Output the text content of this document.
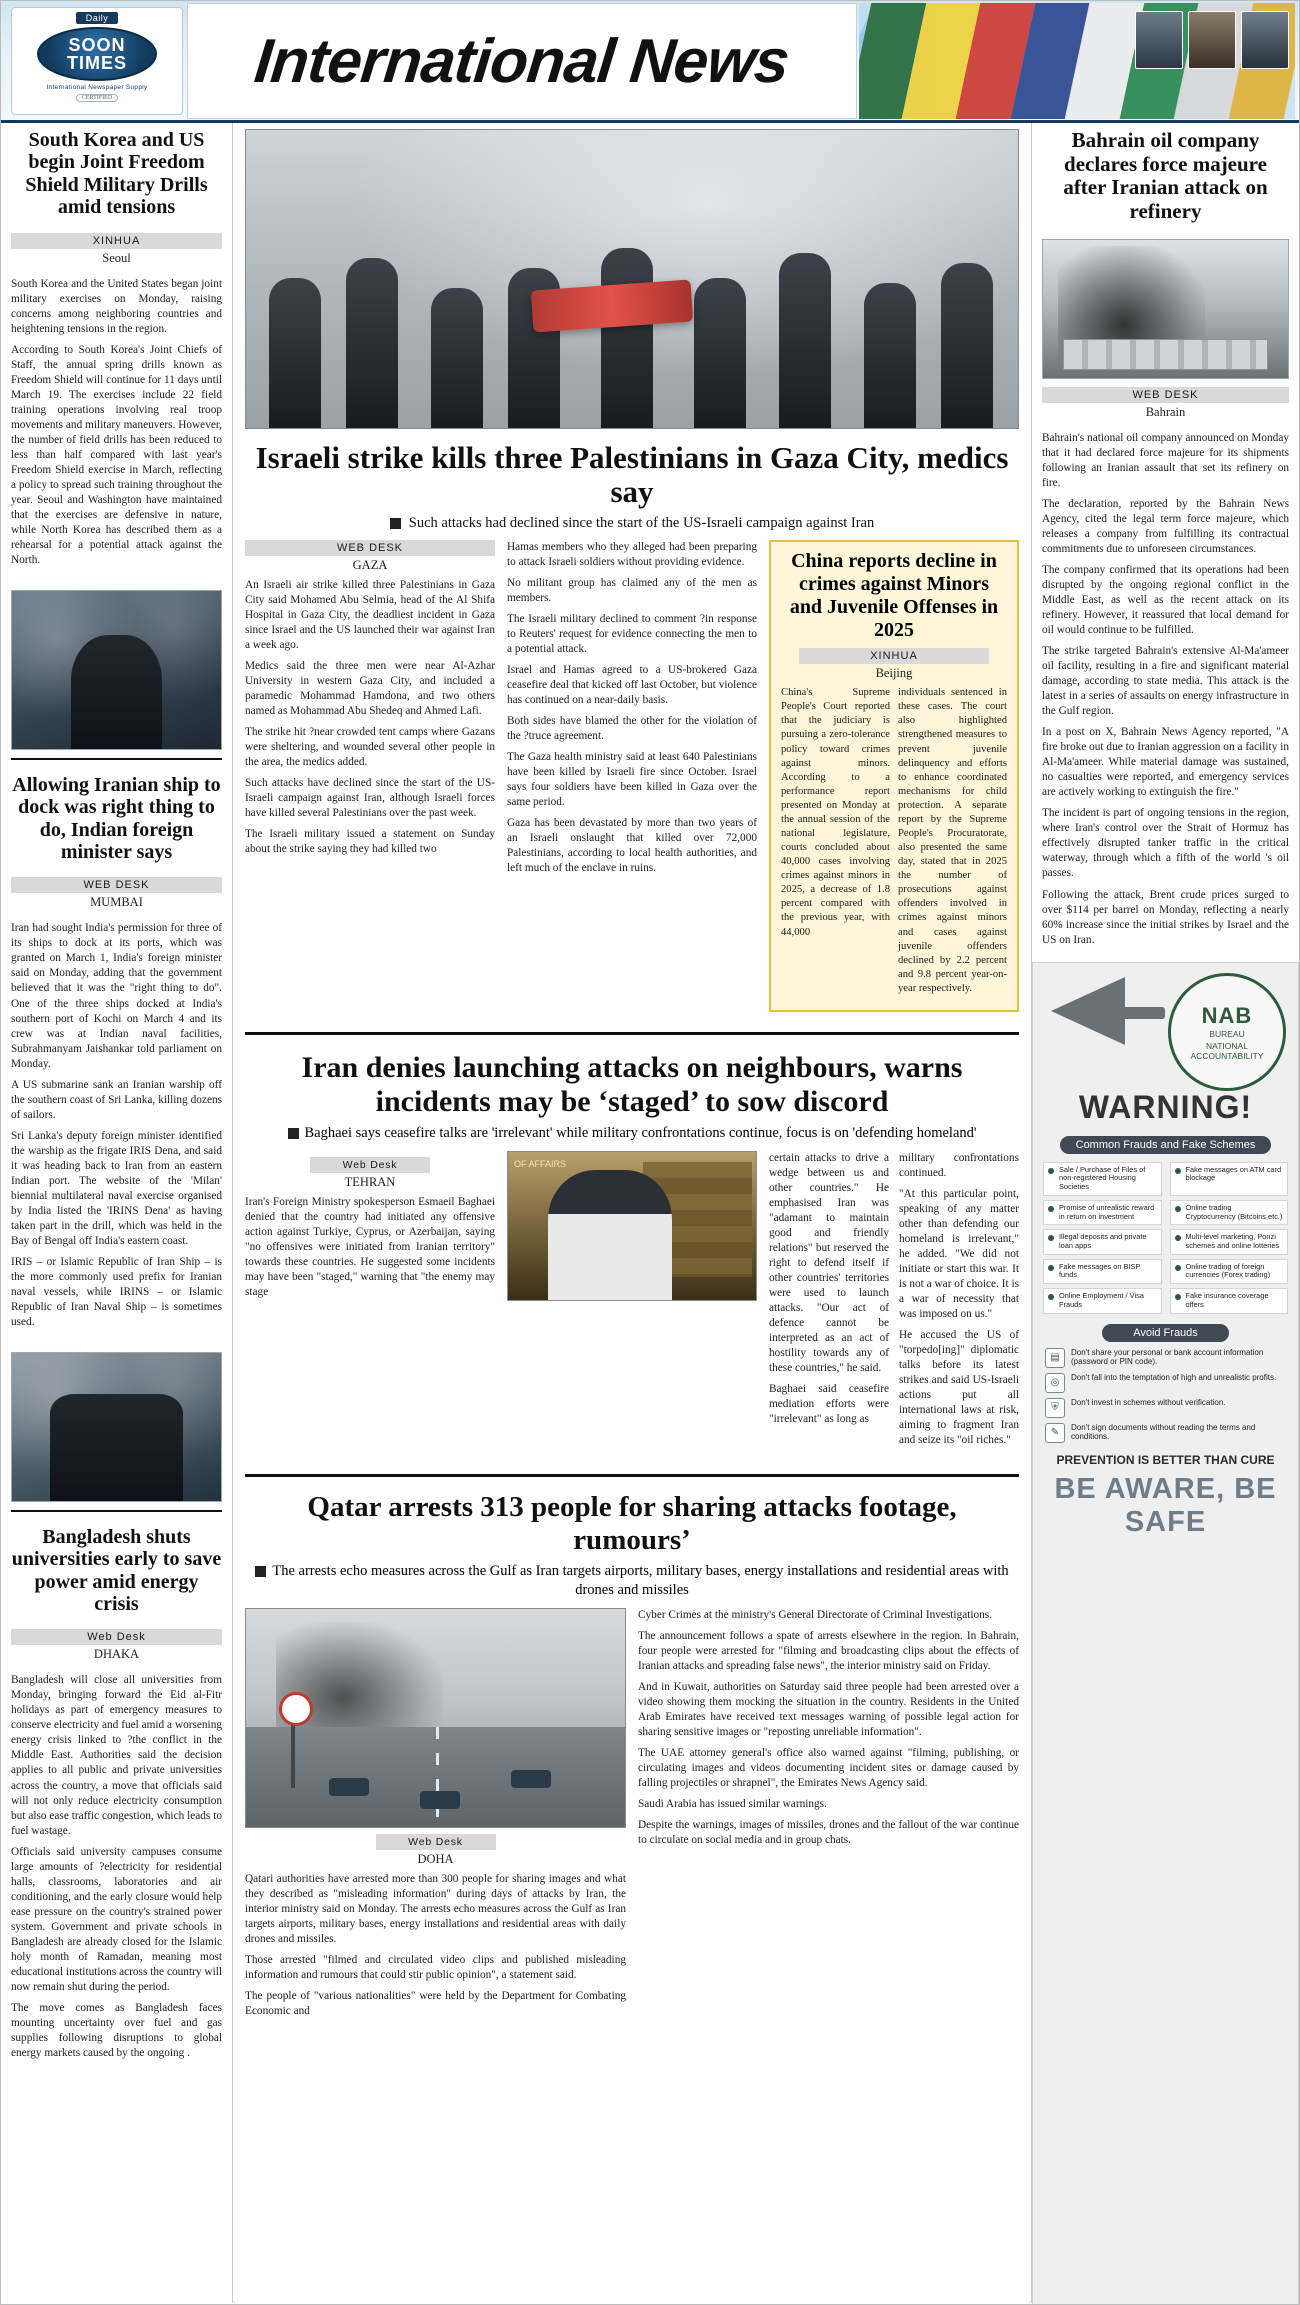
Daily
SOON
TIMES
International Newspaper Supply
CERTIFIED
International News
South Korea and US begin Joint Freedom Shield Military Drills amid tensions
XINHUA
Seoul

South Korea and the United States began joint military exercises on Monday, raising concerns among neighboring countries and heightening tensions in the region.

According to South Korea's Joint Chiefs of Staff, the annual spring drills known as Freedom Shield will continue for 11 days until March 19. The exercises include 22 field training operations involving real troop movements and military maneuvers. However, the number of field drills has been reduced to less than half compared with last year's Freedom Shield exercise in March, reflecting a policy to spread such training throughout the year. Seoul and Washington have maintained that the exercises are defensive in nature, while North Korea has described them as a rehearsal for a potential attack against the North.

Allowing Iranian ship to dock was right thing to do, Indian foreign minister says
WEB DESK
MUMBAI

Iran had sought India's permission for three of its ships to dock at its ports, which was granted on March 1, India's foreign minister said on Monday, adding that the government believed that it was the "right thing to do". One of the three ships docked at India's southern port of Kochi on March 4 and its crew was at Indian naval facilities, Subrahmanyam Jaishankar told parliament on Monday.

A US submarine sank an Iranian warship off the southern coast of Sri Lanka, killing dozens of sailors.

Sri Lanka's deputy foreign minister identified the warship as the frigate IRIS Dena, and said it was heading back to Iran from an eastern Indian port. The website of the 'Milan' biennial multilateral naval exercise organised by India listed the 'IRINS Dena' as having taken part in the drill, which was held in the Bay of Bengal off India's eastern coast.

IRIS – or Islamic Republic of Iran Ship – is the more commonly used prefix for Iranian naval vessels, while IRINS – or Islamic Republic of Iran Naval Ship – is sometimes used.

Bangladesh shuts universities early to save power amid energy crisis
Web Desk
DHAKA

Bangladesh will close all universities from Monday, bringing forward the Eid al-Fitr holidays as part of emergency measures to conserve electricity and fuel amid a worsening energy crisis linked to ?the conflict in the Middle East. Authorities said the decision applies to all public and private universities across the country, a move that officials said will not only reduce electricity consumption but also ease traffic congestion, which leads to fuel wastage.

Officials said university campuses consume large amounts of ?electricity for residential halls, classrooms, laboratories and air conditioning, and the early closure would help ease pressure on the country's strained power system. Government and private schools in Bangladesh are already closed for the Islamic holy month of Ramadan, meaning most educational institutions across the country will now remain shut during the period.

The move comes as Bangladesh faces mounting uncertainty over fuel and gas supplies following disruptions to global energy markets caused by the ongoing .

Israeli strike kills three Palestinians in Gaza City, medics say
Such attacks had declined since the start of the US-Israeli campaign against Iran
WEB DESK
GAZA

An Israeli air strike killed three Palestinians in Gaza City said Mohamed Abu Selmia, head of the Al Shifa Hospital in Gaza City, the deadliest incident in Gaza since Israel and the US launched their war against Iran a week ago.

Medics said the three men were near Al-Azhar University in western Gaza City, and included a paramedic Mohammad Hamdona, and two others named as Mohammad Abu Shedeq and Ahmed Lafi.

The strike hit ?near crowded tent camps where Gazans were sheltering, and wounded several other people in the area, the medics added.

Such attacks have declined since the start of the US-Israeli campaign against Iran, although Israeli forces have killed several Palestinians over the past week.

The Israeli military issued a statement on Sunday about the strike saying they had killed two

Hamas members who they alleged had been preparing to attack Israeli soldiers without providing evidence.

No militant group has claimed any of the men as members.

The Israeli military declined to comment ?in response to Reuters' request for evidence connecting the men to a potential attack.

Israel and Hamas agreed to a US-brokered Gaza ceasefire deal that kicked off last October, but violence has continued on a near-daily basis.

Both sides have blamed the other for the violation of the ?truce agreement.

The Gaza health ministry said at least 640 Palestinians have been killed by Israeli fire since October. Israel says four soldiers have been killed in Gaza over the same period.

Gaza has been devastated by more than two years of an Israeli onslaught that killed over 72,000 Palestinians, according to local health authorities, and left much of the enclave in ruins.

China reports decline in crimes against Minors and Juvenile Offenses in 2025
XINHUA
Beijing

China's Supreme People's Court reported that the judiciary is pursuing a zero-tolerance policy toward crimes against minors. According to a performance report presented on Monday at the annual session of the national legislature, courts concluded about 40,000 cases involving crimes against minors in 2025, a decrease of 1.8 percent compared with the previous year, with 44,000

individuals sentenced in these cases. The court also highlighted strengthened measures to prevent juvenile delinquency and efforts to enhance coordinated mechanisms for child protection. A separate report by the Supreme People's Procuratorate, also presented the same day, stated that in 2025 the number of prosecutions against offenders involved in crimes against minors and cases against juvenile offenders declined by 2.2 percent and 9.8 percent year-on-year respectively.

Iran denies launching attacks on neighbours, warns incidents may be ‘staged’ to sow discord
Baghaei says ceasefire talks are 'irrelevant' while military confrontations continue, focus is on 'defending homeland'
Web Desk
TEHRAN

Iran's Foreign Ministry spokesperson Esmaeil Baghaei denied that the country had initiated any offensive action against Turkiye, Cyprus, or Azerbaijan, saying "no offensives were initiated from Iranian territory" towards these countries. He suggested some incidents may have been "staged," warning that "the enemy may stage

OF AFFAIRS	certain attacks to drive a wedge between us and other countries." He emphasised Iran was "adamant to maintain good and friendly relations" but reserved the right to defend itself if other countries' territories were used to launch attacks. "Our act of defence cannot be interpreted as an act of hostility towards any of these countries," he said.

Baghaei said ceasefire mediation efforts were "irrelevant" as long as

military confrontations continued.

"At this particular point, speaking of any matter other than defending our homeland is irrelevant," he added. "We did not initiate or start this war. It is not a war of choice. It is a war of necessity that was imposed on us."

He accused the US of "torpedo[ing]" diplomatic talks before its latest strikes and said US-Israeli actions put all international laws at risk, aiming to fragment Iran and seize its "oil riches."

Qatar arrests 313 people for sharing attacks footage, rumours’
The arrests echo measures across the Gulf as Iran targets airports, military bases, energy installations and residential areas with drones and missiles
Web Desk
DOHA

Qatari authorities have arrested more than 300 people for sharing images and what they described as "misleading information" during days of attacks by Iran, the interior ministry said on Monday. The arrests echo measures across the Gulf as Iran targets airports, military bases, energy installations and residential areas with daily drones and missiles.

Those arrested "filmed and circulated video clips and published misleading information and rumours that could stir public opinion", a statement said.

The people of "various nationalities" were held by the Department for Combating Economic and

Cyber Crimes at the ministry's General Directorate of Criminal Investigations.

The announcement follows a spate of arrests elsewhere in the region. In Bahrain, four people were arrested for "filming and broadcasting clips about the effects of Iranian attacks and spreading false news", the interior ministry said on Friday.

And in Kuwait, authorities on Saturday said three people had been arrested over a video showing them mocking the situation in the country. Residents in the United Arab Emirates have received text messages warning of possible legal action for sharing sensitive images or "reposting unreliable information".

The UAE attorney general's office also warned against "filming, publishing, or circulating images and videos documenting incident sites or damage caused by falling projectiles or shrapnel", the Emirates News Agency said.

Saudi Arabia has issued similar warnings.

Despite the warnings, images of missiles, drones and the fallout of the war continue to circulate on social media and in group chats.

Bahrain oil company declares force majeure after Iranian attack on refinery
WEB DESK
Bahrain

Bahrain's national oil company announced on Monday that it had declared force majeure for its shipments following an Iranian assault that set its refinery on fire.

The declaration, reported by the Bahrain News Agency, cited the legal term force majeure, which releases a company from fulfilling its contractual commitments due to unforeseen circumstances.

The company confirmed that its operations had been disrupted by the ongoing regional conflict in the Middle East, as well as the recent attack on its refinery. However, it reassured that local demand for oil would continue to be fulfilled.

The strike targeted Bahrain's extensive Al-Ma'ameer oil facility, resulting in a fire and significant material damage, according to state media. This attack is the latest in a series of assaults on energy infrastructure in the Gulf region.

In a post on X, Bahrain News Agency reported, "A fire broke out due to Iranian aggression on a facility in Al-Ma'ameer. While material damage was sustained, no casualties were reported, and emergency services are actively working to extinguish the fire."

The incident is part of ongoing tensions in the region, where Iran's control over the Strait of Hormuz has effectively disrupted tanker traffic in the critical waterway, through which a fifth of the world 's oil passes.

Following the attack, Brent crude prices surged to over $114 per barrel on Monday, reflecting a nearly 60% increase since the initial strikes by Israel and the US on Iran.

NAB
BUREAU
NATIONAL ACCOUNTABILITY
WARNING!
Common Frauds and Fake Schemes
Sale / Purchase of Files of non-registered Housing Societies
Fake messages on ATM card blockage
Promise of unrealistic reward in return on investment
Online trading Cryptocurrency (Bitcoins etc.)
Illegal deposits and private loan apps
Multi-level marketing, Ponzi schemes and online lotteries
Fake messages on BISP funds
Online trading of foreign currencies (Forex trading)
Online Employment / Visa Frauds
Fake insurance coverage offers
Avoid Frauds
▤	Don't share your personal or bank account information (password or PIN code).
◎	Don't fall into the temptation of high and unrealistic profits.
⛨	Don't invest in schemes without verification.
✎	Don't sign documents without reading the terms and conditions.
PREVENTION IS BETTER THAN CURE
BE AWARE, BE SAFE
